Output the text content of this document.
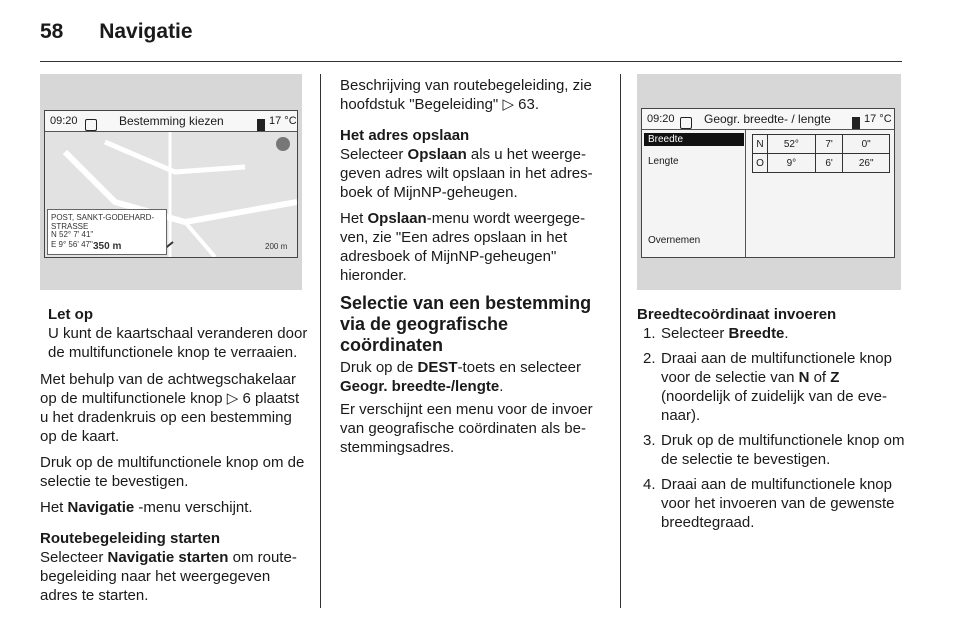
58 Navigatie
09:20	Bestemming kiezen	17 °C
POST, SANKT-GODEHARD-STRASSE
N 52° 7' 41"
E 9° 56' 47" 350 m	200 m
Let op
U kunt de kaartschaal veranderen door de multifunctionele knop te verraaien.

Met behulp van de achtwegschakelaar op de multifunctionele knop ▷ 6 plaatst u het dradenkruis op een bestemming op de kaart.

Druk op de multifunctionele knop om de selectie te bevestigen.

Het Navigatie -menu verschijnt.

Routebegeleiding starten
Selecteer Navigatie starten om routebegeleiding naar het weergegeven adres te starten.

Beschrijving van routebegeleiding, zie hoofdstuk "Begeleiding" ▷ 63.

Het adres opslaan
Selecteer Opslaan als u het weergegeven adres wilt opslaan in het adresboek of MijnNP-geheugen.

Het Opslaan-menu wordt weergegeven, zie "Een adres opslaan in het adresboek of MijnNP-geheugen" hieronder.

Selectie van een bestemming via de geografische coördinaten

Druk op de DEST-toets en selecteer Geogr. breedte-/lengte.

Er verschijnt een menu voor de invoer van geografische coördinaten als bestemmingsadres.

09:20 Geogr. breedte- / lengte	17 °C
Breedte
Lengte
Overnemen
N	52°	7'	0"
O	9°	6'	26"
Breedtecoördinaat invoeren
1. Selecteer Breedte.
2. Draai aan de multifunctionele knop voor de selectie van N of Z (noordelijk of zuidelijk van de evenaar).
3. Druk op de multifunctionele knop om de selectie te bevestigen.
4. Draai aan de multifunctionele knop voor het invoeren van de gewenste breedtegraad.
